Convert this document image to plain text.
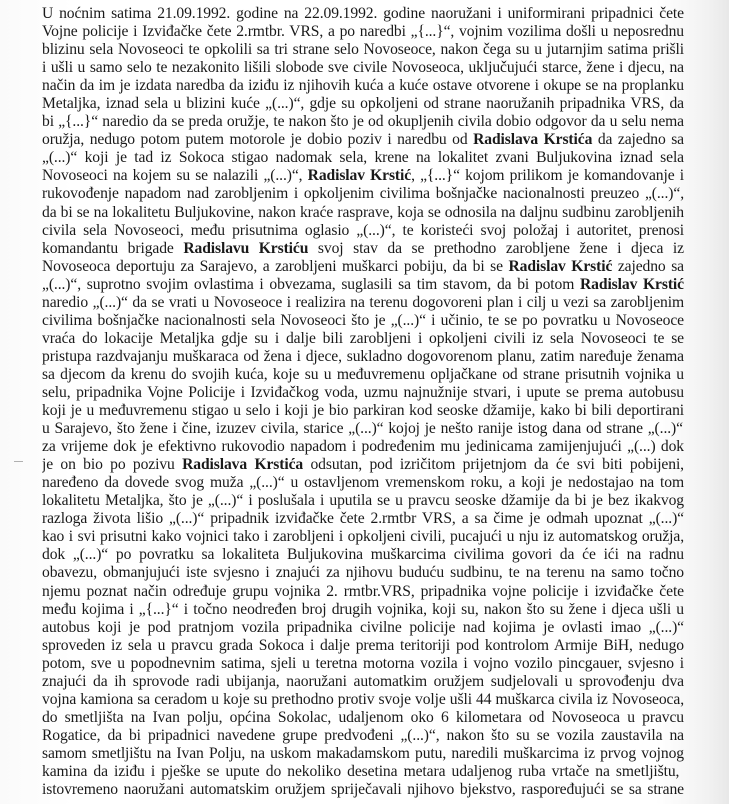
U noćnim satima 21.09.1992. godine na 22.09.1992. godine naoružani i uniformirani pripadnici čete
Vojne policije i Izviđačke čete 2.rmtbr. VRS, a po naredbi „{...}“, vojnim vozilima došli u neposrednu
blizinu sela Novoseoci te opkolili sa tri strane selo Novoseoce, nakon čega su u jutarnjim satima prišli
i ušli u samo selo te nezakonito lišili slobode sve civile Novoseoca, uključujući starce, žene i djecu, na
način da im je izdata naredba da iziđu iz njihovih kuća a kuće ostave otvorene i okupe se na proplanku
Metaljka, iznad sela u blizini kuće „(...)“, gdje su opkoljeni od strane naoružanih pripadnika VRS, da
bi „{...}“ naredio da se preda oružje, te nakon što je od okupljenih civila dobio odgovor da u selu nema
oružja, nedugo potom putem motorole je dobio poziv i naredbu od Radislava Krstića da zajedno sa
„(...)“ koji je tad iz Sokoca stigao nadomak sela, krene na lokalitet zvani Buljukovina iznad sela
Novoseoci na kojem su se nalazili „(...)“, Radislav Krstić, „{...}“ kojom prilikom je komandovanje i
rukovođenje napadom nad zarobljenim i opkoljenim civilima bošnjačke nacionalnosti preuzeo „(...)“,
da bi se na lokalitetu Buljukovine, nakon kraće rasprave, koja se odnosila na daljnu sudbinu zarobljenih
civila sela Novoseoci, među prisutnima oglasio „(...)“, te koristeći svoj položaj i autoritet, prenosi
komandantu brigade Radislavu Krstiću svoj stav da se prethodno zarobljene žene i djeca iz
Novoseoca deportuju za Sarajevo, a zarobljeni muškarci pobiju, da bi se Radislav Krstić zajedno sa
„(...)“, suprotno svojim ovlastima i obvezama, suglasili sa tim stavom, da bi potom Radislav Krstić
naredio „(...)“ da se vrati u Novoseoce i realizira na terenu dogovoreni plan i cilj u vezi sa zarobljenim
civilima bošnjačke nacionalnosti sela Novoseoci što je „(...)“ i učinio, te se po povratku u Novoseoce
vraća do lokacije Metaljka gdje su i dalje bili zarobljeni i opkoljeni civili iz sela Novoseoci te se
pristupa razdvajanju muškaraca od žena i djece, sukladno dogovorenom planu, zatim naređuje ženama
sa djecom da krenu do svojih kuća, koje su u međuvremenu opljačkane od strane prisutnih vojnika u
selu, pripadnika Vojne Policije i Izviđačkog voda, uzmu najnužnije stvari, i upute se prema autobusu
koji je u međuvremenu stigao u selo i koji je bio parkiran kod seoske džamije, kako bi bili deportirani
u Sarajevo, što žene i čine, izuzev civila, starice „(...)“ kojoj je nešto ranije istog dana od strane „(...)“
za vrijeme dok je efektivno rukovodio napadom i podređenim mu jedinicama zamijenjujući „(...) dok
je on bio po pozivu Radislava Krstića odsutan, pod izričitom prijetnjom da će svi biti pobijeni,
naređeno da dovede svog muža „(...)“ u ostavljenom vremenskom roku, a koji je nedostajao na tom
lokalitetu Metaljka, što je „(...)“ i poslušala i uputila se u pravcu seoske džamije da bi je bez ikakvog
razloga života lišio „(...)“ pripadnik izviđačke čete 2.rmtbr VRS, a sa čime je odmah upoznat „(...)“
kao i svi prisutni kako vojnici tako i zarobljeni i opkoljeni civili, pucajući u nju iz automatskog oružja,
dok „(...)“ po povratku sa lokaliteta Buljukovina muškarcima civilima govori da će ići na radnu
obavezu, obmanjujući iste svjesno i znajući za njihovu buduću sudbinu, te na terenu na samo točno
njemu poznat način određuje grupu vojnika 2. rmtbr.VRS, pripadnika vojne policije i izviđačke čete
među kojima i „{...}“ i točno neodređen broj drugih vojnika, koji su, nakon što su žene i djeca ušli u
autobus koji je pod pratnjom vozila pripadnika civilne policije nad kojima je ovlasti imao „(...)“
sproveden iz sela u pravcu grada Sokoca i dalje prema teritoriji pod kontrolom Armije BiH, nedugo
potom, sve u popodnevnim satima, sjeli u teretna motorna vozila i vojno vozilo pincgauer, svjesno i
znajući da ih sprovode radi ubijanja, naoružani automatkim oružjem sudjelovali u sprovođenju dva
vojna kamiona sa ceradom u koje su prethodno protiv svoje volje ušli 44 muškarca civila iz Novoseoca,
do smetljišta na Ivan polju, općina Sokolac, udaljenom oko 6 kilometara od Novoseoca u pravcu
Rogatice, da bi pripadnici navedene grupe predvođeni „(...)“, nakon što su se vozila zaustavila na
samom smetljištu na Ivan Polju, na uskom makadamskom putu, naredili muškarcima iz prvog vojnog
kamina da iziđu i pješke se upute do nekoliko desetina metara udaljenog ruba vrtače na smetljištu,
istovremeno naoružani automatskim oružjem spriječavali njihovo bjekstvo, raspoređujući se sa strane
